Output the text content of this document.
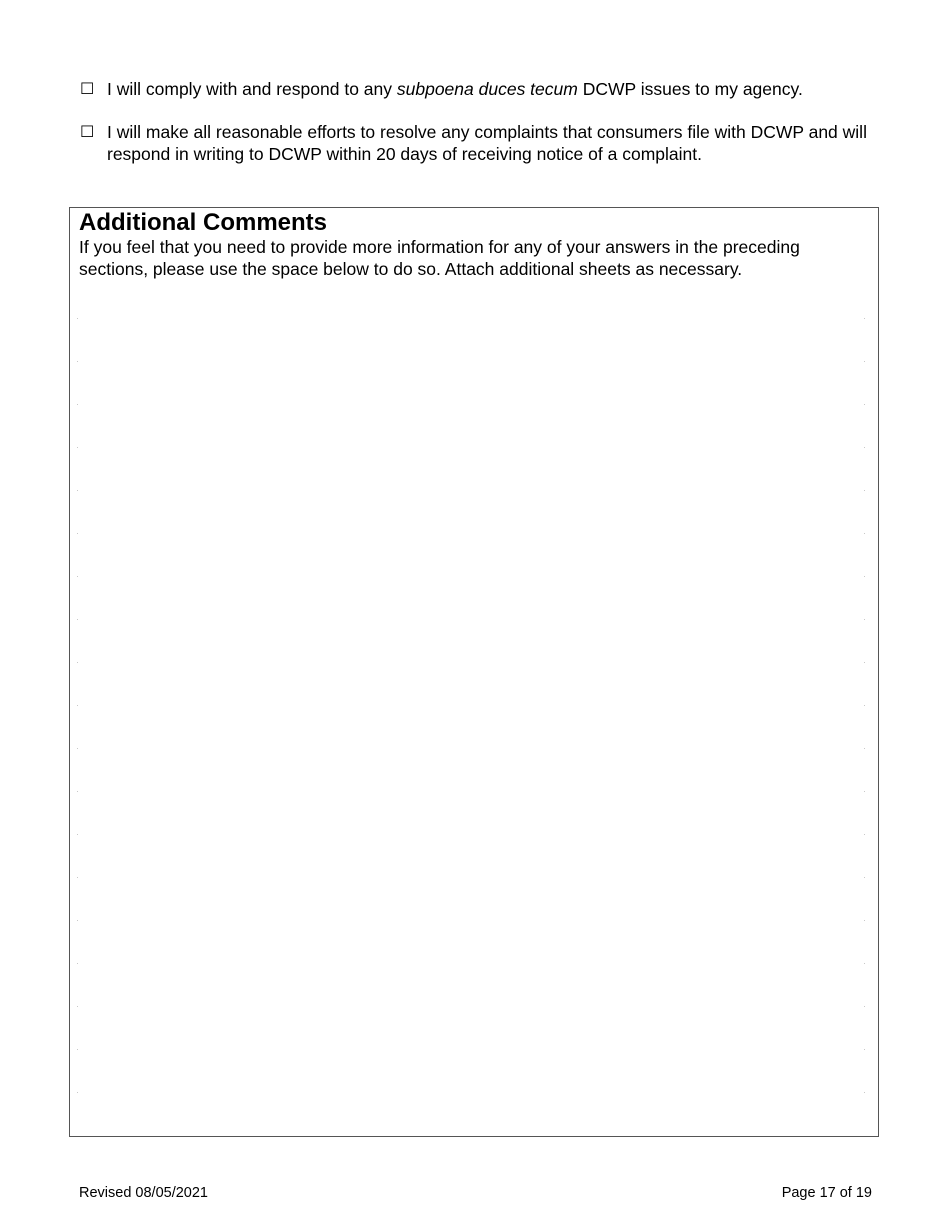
☐ I will comply with and respond to any subpoena duces tecum DCWP issues to my agency.
☐ I will make all reasonable efforts to resolve any complaints that consumers file with DCWP and will respond in writing to DCWP within 20 days of receiving notice of a complaint.
Additional Comments
If you feel that you need to provide more information for any of your answers in the preceding sections, please use the space below to do so. Attach additional sheets as necessary.
Revised 08/05/2021	Page 17 of 19
